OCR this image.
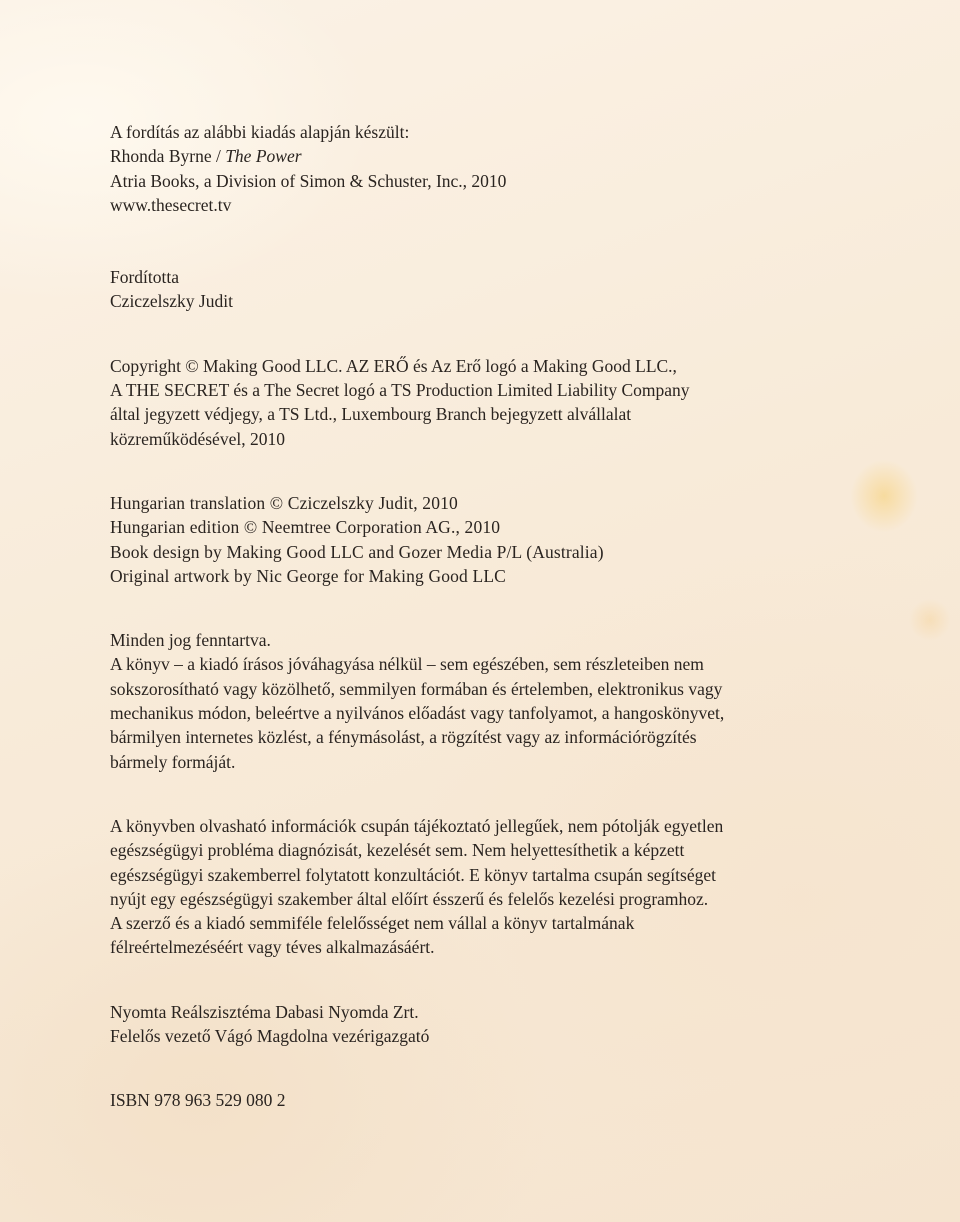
A fordítás az alábbi kiadás alapján készült:
Rhonda Byrne / The Power
Atria Books, a Division of Simon & Schuster, Inc., 2010
www.thesecret.tv
Fordította
Cziczelszky Judit
Copyright © Making Good LLC. AZ ERŐ és Az Erő logó a Making Good LLC.,
A THE SECRET és a The Secret logó a TS Production Limited Liability Company
által jegyzett védjegy, a TS Ltd., Luxembourg Branch bejegyzett alvállalat
közreműködésével, 2010
Hungarian translation © Cziczelszky Judit, 2010
Hungarian edition © Neemtree Corporation AG., 2010
Book design by Making Good LLC and Gozer Media P/L (Australia)
Original artwork by Nic George for Making Good LLC
Minden jog fenntartva.
A könyv – a kiadó írásos jóváhagyása nélkül – sem egészében, sem részleteiben nem
sokszorosítható vagy közölhető, semmilyen formában és értelemben, elektronikus vagy
mechanikus módon, beleértve a nyilvános előadást vagy tanfolyamot, a hangoskönyvet,
bármilyen internetes közlést, a fénymásolást, a rögzítést vagy az információrögzítés
bármely formáját.
A könyvben olvasható információk csupán tájékoztató jellegűek, nem pótolják egyetlen
egészségügyi probléma diagnózisát, kezelését sem. Nem helyettesíthetik a képzett
egészségügyi szakemberrel folytatott konzultációt. E könyv tartalma csupán segítséget
nyújt egy egészségügyi szakember által előírt ésszerű és felelős kezelési programhoz.
A szerző és a kiadó semmiféle felelősséget nem vállal a könyv tartalmának
félreértelmezéséért vagy téves alkalmazásáért.
Nyomta Reálszisztéma Dabasi Nyomda Zrt.
Felelős vezető Vágó Magdolna vezérigazgató
ISBN 978 963 529 080 2
